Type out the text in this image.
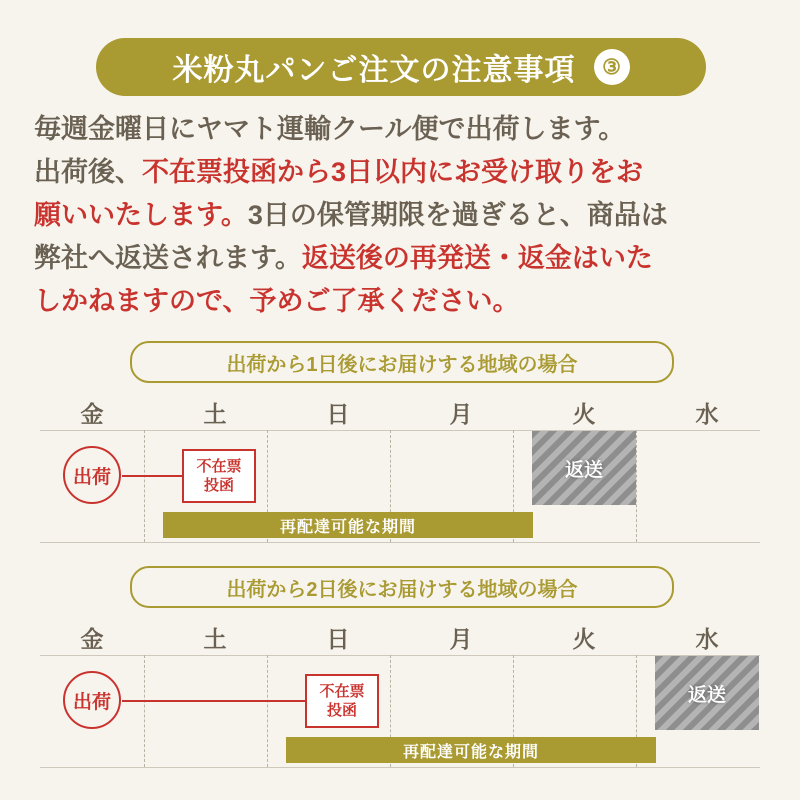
米粉丸パンご注文の注意事項	③
毎週金曜日にヤマト運輸クール便で出荷します。
出荷後、不在票投函から3日以内にお受け取りをお
願いいたします。3日の保管期限を過ぎると、商品は
弊社へ返送されます。返送後の再発送・返金はいた
しかねますので、予めご了承ください。
出荷から1日後にお届けする地域の場合
金	土	日	月	火	水
出荷	不在票
投函
再配達可能な期間
返送
出荷から2日後にお届けする地域の場合
金	土	日	月	火	水
出荷	不在票
投函
再配達可能な期間
返送
